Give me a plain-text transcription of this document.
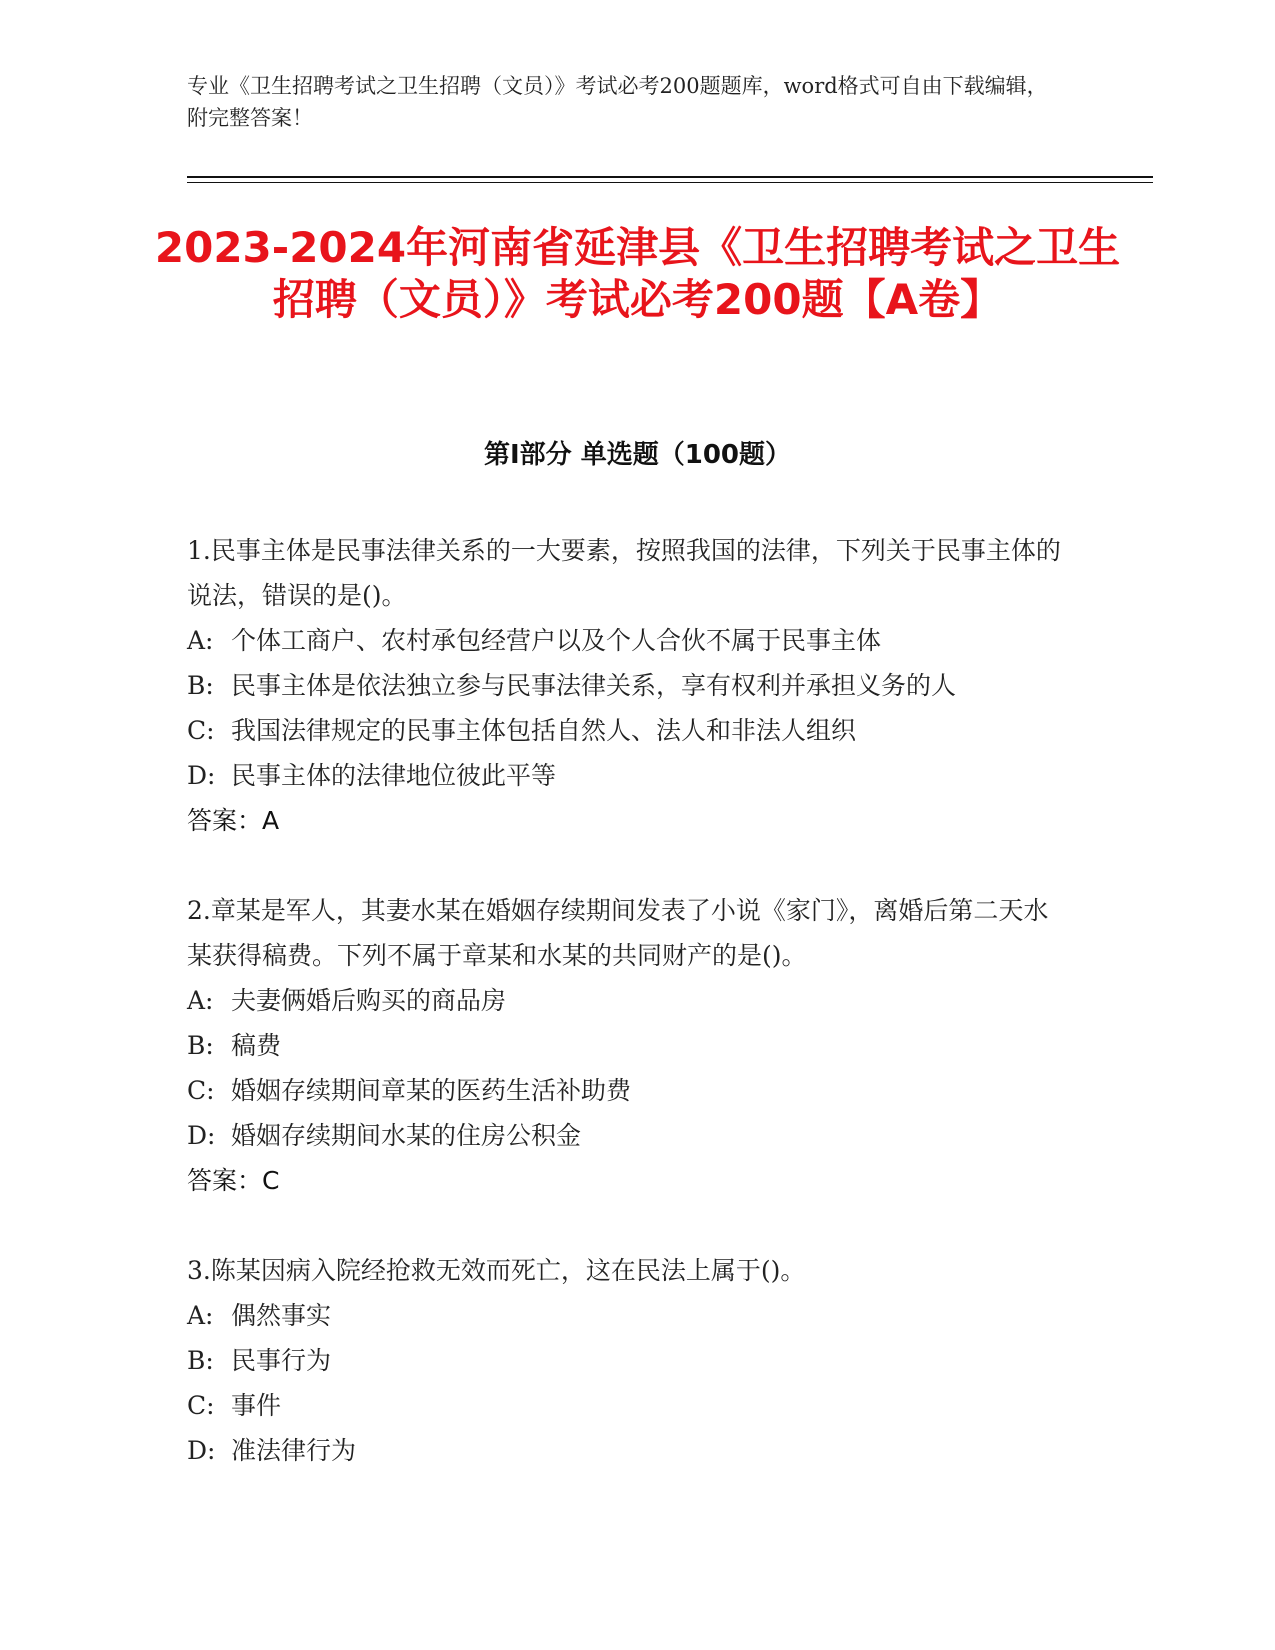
专业《卫生招聘考试之卫生招聘（文员）》考试必考200题题库，word格式可自由下载编辑，附完整答案！

2023-2024年河南省延津县《卫生招聘考试之卫生招聘（文员）》考试必考200题【A卷】
第Ⅰ部分 单选题（100题）

1.民事主体是民事法律关系的一大要素，按照我国的法律，下列关于民事主体的说法，错误的是()。

A: 个体工商户、农村承包经营户以及个人合伙不属于民事主体

B: 民事主体是依法独立参与民事法律关系，享有权利并承担义务的人

C: 我国法律规定的民事主体包括自然人、法人和非法人组织

D: 民事主体的法律地位彼此平等

答案：A

2.章某是军人，其妻水某在婚姻存续期间发表了小说《家门》，离婚后第二天水某获得稿费。下列不属于章某和水某的共同财产的是()。

A: 夫妻俩婚后购买的商品房

B: 稿费

C: 婚姻存续期间章某的医药生活补助费

D: 婚姻存续期间水某的住房公积金

答案：C

3.陈某因病入院经抢救无效而死亡，这在民法上属于()。

A: 偶然事实

B: 民事行为

C: 事件

D: 准法律行为
